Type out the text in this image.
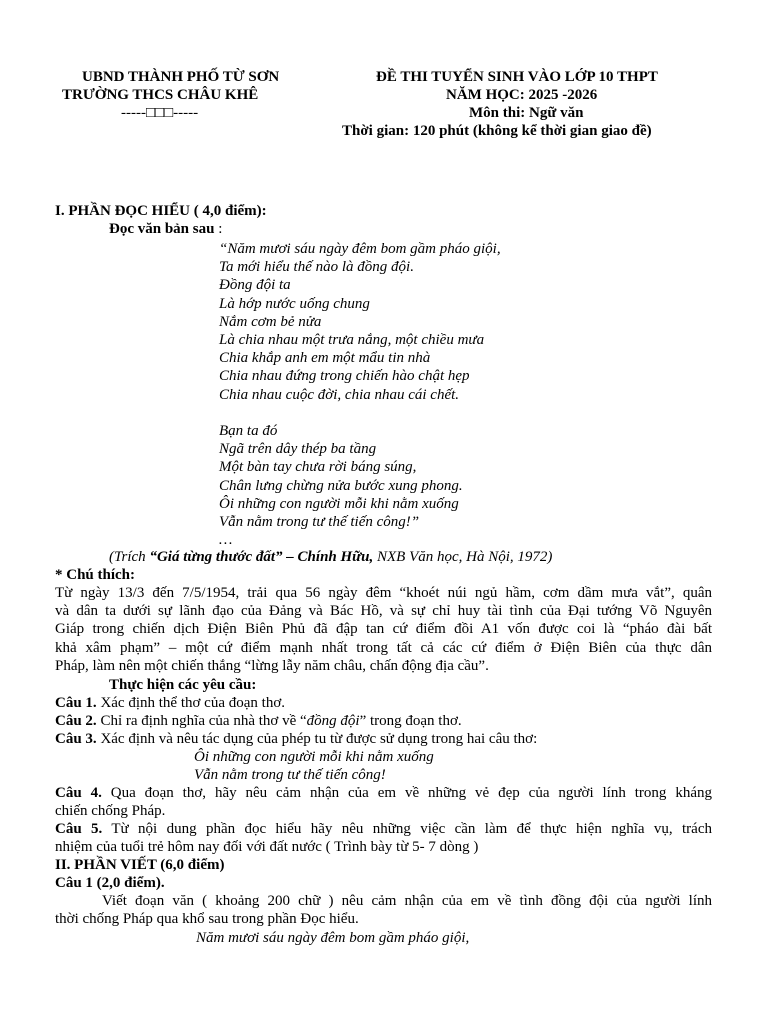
UBND THÀNH PHỐ TỪ SƠN
TRƯỜNG THCS CHÂU KHÊ
-----□□□-----
ĐỀ THI TUYỂN SINH VÀO LỚP 10 THPT
NĂM HỌC: 2025 -2026
Môn thi: Ngữ văn
Thời gian: 120 phút (không kể thời gian giao đề)
I. PHẦN ĐỌC HIỂU ( 4,0 điểm):
Đọc văn bản sau :
“Năm mươi sáu ngày đêm bom gầm pháo giội,
Ta mới hiểu thế nào là đồng đội.
Đồng đội ta
Là hớp nước uống chung
Nắm cơm bẻ nửa
Là chia nhau một trưa nắng, một chiều mưa
Chia khắp anh em một mẩu tin nhà
Chia nhau đứng trong chiến hào chật hẹp
Chia nhau cuộc đời, chia nhau cái chết.
Bạn ta đó
Ngã trên dây thép ba tầng
Một bàn tay chưa rời báng súng,
Chân lưng chừng nửa bước xung phong.
Ôi những con người mỗi khi nằm xuống
Vẫn nằm trong tư thế tiến công!”
…
(Trích “Giá từng thước đất” – Chính Hữu, NXB Văn học, Hà Nội, 1972)
* Chú thích:
Từ ngày 13/3 đến 7/5/1954, trải qua 56 ngày đêm “khoét núi ngủ hầm, cơm dầm mưa vắt”, quân
và dân ta dưới sự lãnh đạo của Đảng và Bác Hồ, và sự chỉ huy tài tình của Đại tướng Võ Nguyên
Giáp trong chiến dịch Điện Biên Phủ đã đập tan cứ điểm đồi A1 vốn được coi là “pháo đài bất
khả xâm phạm” – một cứ điểm mạnh nhất trong tất cả các cứ điểm ở Điện Biên của thực dân
Pháp, làm nên một chiến thắng “lừng lẫy năm châu, chấn động địa cầu”.
Thực hiện các yêu cầu:
Câu 1. Xác định thể thơ của đoạn thơ.
Câu 2. Chỉ ra định nghĩa của nhà thơ về “đồng đội” trong đoạn thơ.
Câu 3. Xác định và nêu tác dụng của phép tu từ được sử dụng trong hai câu thơ:
Ôi những con người mỗi khi nằm xuống
Vẫn nằm trong tư thế tiến công!
Câu 4. Qua đoạn thơ, hãy nêu cảm nhận của em về những vẻ đẹp của người lính trong kháng
chiến chống Pháp.
Câu 5. Từ nội dung phần đọc hiểu hãy nêu những việc cần làm để thực hiện nghĩa vụ, trách
nhiệm của tuổi trẻ hôm nay đối với đất nước ( Trình bày từ 5- 7 dòng )
II. PHẦN VIẾT (6,0 điểm)
Câu 1 (2,0 điểm).
Viết đoạn văn ( khoảng 200 chữ ) nêu cảm nhận của em về tình đồng đội của người lính
thời chống Pháp qua khổ sau trong phần Đọc hiểu.
Năm mươi sáu ngày đêm bom gầm pháo giội,
